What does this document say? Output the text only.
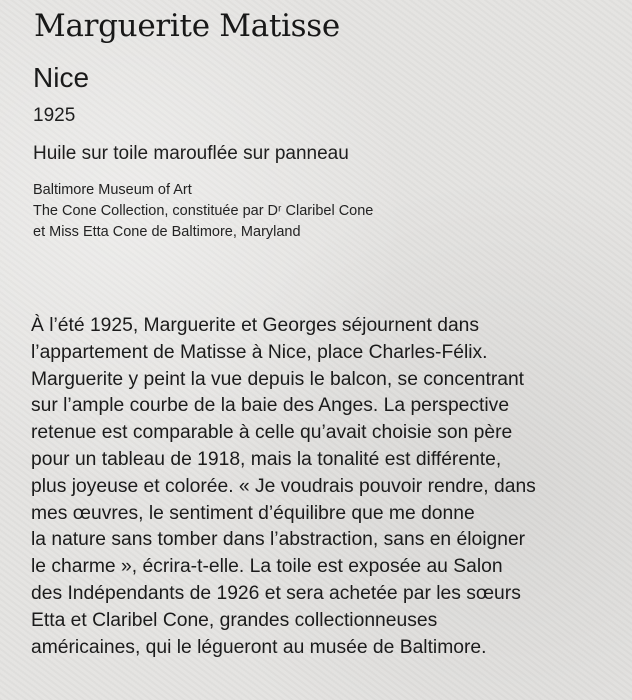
Marguerite Matisse
Nice
1925
Huile sur toile marouflée sur panneau
Baltimore Museum of Art
The Cone Collection, constituée par Dʳ Claribel Cone
et Miss Etta Cone de Baltimore, Maryland
À l’été 1925, Marguerite et Georges séjournent dans
l’appartement de Matisse à Nice, place Charles-Félix.
Marguerite y peint la vue depuis le balcon, se concentrant
sur l’ample courbe de la baie des Anges. La perspective
retenue est comparable à celle qu’avait choisie son père
pour un tableau de 1918, mais la tonalité est différente,
plus joyeuse et colorée. « Je voudrais pouvoir rendre, dans
mes œuvres, le sentiment d’équilibre que me donne
la nature sans tomber dans l’abstraction, sans en éloigner
le charme », écrira-t-elle. La toile est exposée au Salon
des Indépendants de 1926 et sera achetée par les sœurs
Etta et Claribel Cone, grandes collectionneuses
américaines, qui le légueront au musée de Baltimore.
